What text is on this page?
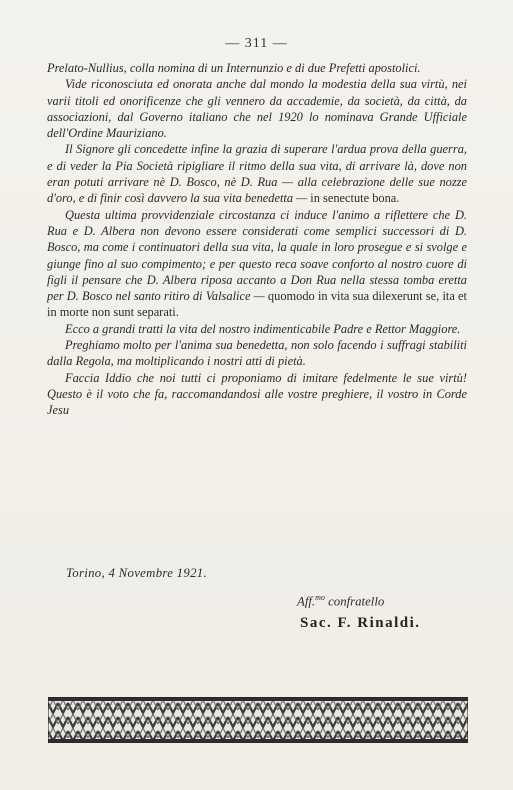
— 311 —

Prelato-Nullius, colla nomina di un Internunzio e di due Prefetti apostolici.

Vide riconosciuta ed onorata anche dal mondo la modestia della sua virtù, nei varii titoli ed onorificenze che gli vennero da accademie, da società, da città, da associazioni, dal Governo italiano che nel 1920 lo nominava Grande Ufficiale dell'Ordine Mauriziano.

Il Signore gli concedette infine la grazia di superare l'ardua prova della guerra, e di veder la Pia Società ripigliare il ritmo della sua vita, di arrivare là, dove non eran potuti arrivare nè D. Bosco, nè D. Rua — alla celebrazione delle sue nozze d'oro, e di finir così davvero la sua vita benedetta — in senectute bona.

Questa ultima provvidenziale circostanza ci induce l'animo a riflettere che D. Rua e D. Albera non devono essere considerati come semplici successori di D. Bosco, ma come i continuatori della sua vita, la quale in loro prosegue e si svolge e giunge fino al suo compimento; e per questo reca soave conforto al nostro cuore di figli il pensare che D. Albera riposa accanto a Don Rua nella stessa tomba eretta per D. Bosco nel santo ritiro di Valsalice — quomodo in vita sua dilexerunt se, ita et in morte non sunt separati.

Ecco a grandi tratti la vita del nostro indimenticabile Padre e Rettor Maggiore.

Preghiamo molto per l'anima sua benedetta, non solo facendo i suffragi stabiliti dalla Regola, ma moltiplicando i nostri atti di pietà.

Faccia Iddio che noi tutti ci proponiamo di imitare fedelmente le sue virtù! Questo è il voto che fa, raccomandandosi alle vostre preghiere, il vostro in Corde Jesu

Torino, 4 Novembre 1921.
Aff.$^{mo}$ confratello
Sac. F. Rinaldi.
